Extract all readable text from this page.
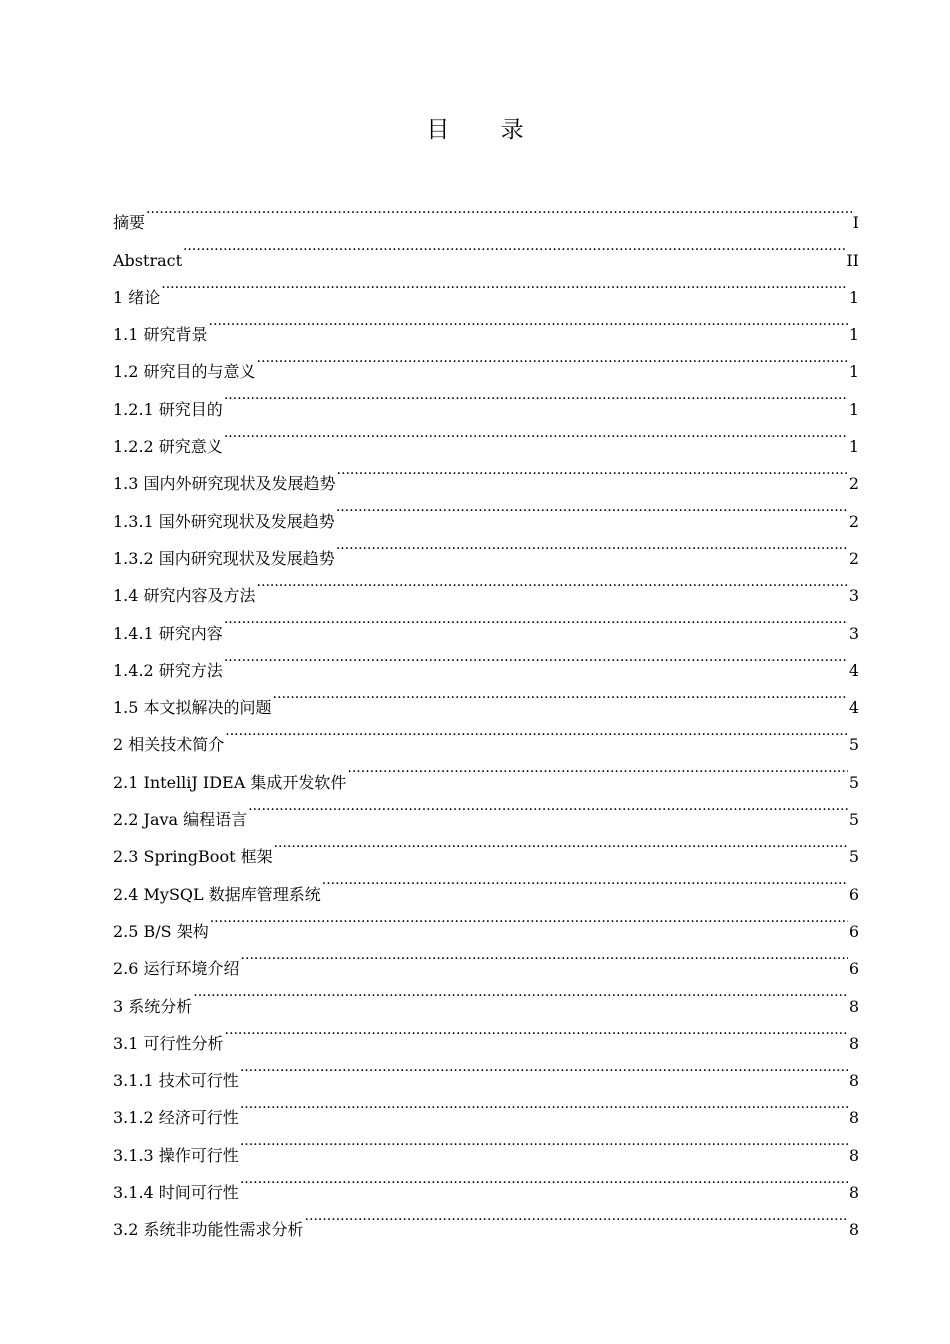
目 录
摘要 .....	I
Abstract .....	II
1 绪论 .....	1
1.1 研究背景 .....	1
1.2 研究目的与意义 .....	1
1.2.1 研究目的 .....	1
1.2.2 研究意义 .....	1
1.3 国内外研究现状及发展趋势 .....	2
1.3.1 国外研究现状及发展趋势 .....	2
1.3.2 国内研究现状及发展趋势 .....	2
1.4 研究内容及方法 .....	3
1.4.1 研究内容 .....	3
1.4.2 研究方法 .....	4
1.5 本文拟解决的问题 .....	4
2 相关技术简介 .....	5
2.1 IntelliJ IDEA 集成开发软件 .....	5
2.2 Java 编程语言 .....	5
2.3 SpringBoot 框架 .....	5
2.4 MySQL 数据库管理系统 .....	6
2.5 B/S 架构 .....	6
2.6 运行环境介绍 .....	6
3 系统分析 .....	8
3.1 可行性分析 .....	8
3.1.1 技术可行性 .....	8
3.1.2 经济可行性 .....	8
3.1.3 操作可行性 .....	8
3.1.4 时间可行性 .....	8
3.2 系统非功能性需求分析 .....	8
